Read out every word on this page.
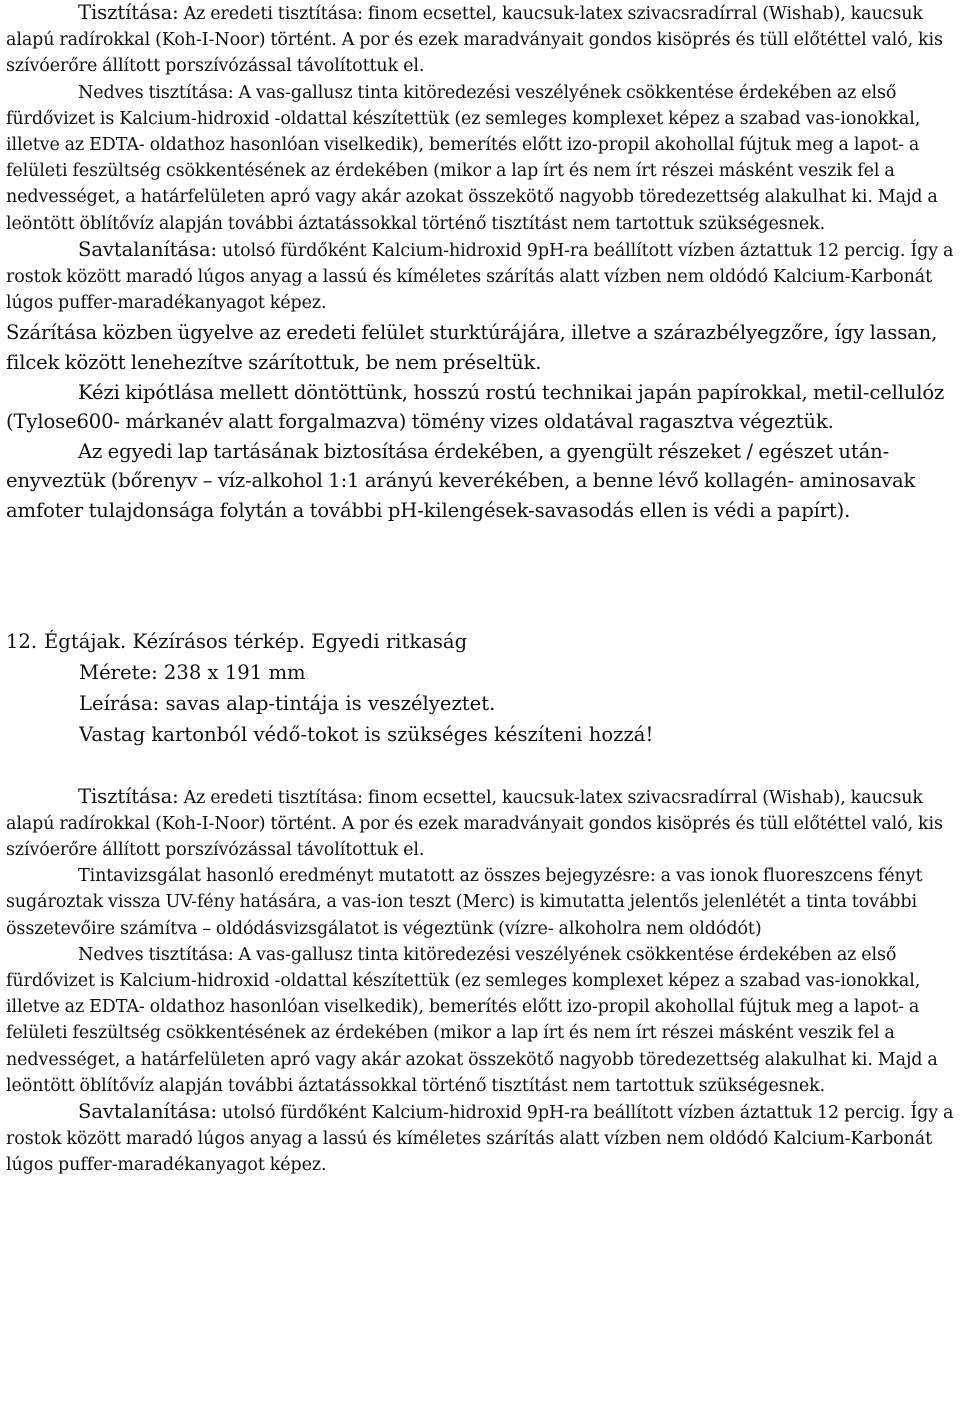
Tisztítása: Az eredeti tisztítása: finom ecsettel, kaucsuk-latex szivacsradírral (Wishab), kaucsuk alapú radírokkal (Koh-I-Noor) történt. A por és ezek maradványait gondos kisöprés és tüll előtéttel való, kis szívóerőre állított porszívózással távolítottuk el.

Nedves tisztítása: A vas-gallusz tinta kitöredezési veszélyének csökkentése érdekében az első fürdővizet is Kalcium-hidroxid -oldattal készítettük (ez semleges komplexet képez a szabad vas-ionokkal, illetve az EDTA- oldathoz hasonlóan viselkedik), bemerítés előtt izo-propil akohollal fújtuk meg a lapot- a felületi feszültség csökkentésének az érdekében (mikor a lap írt és nem írt részei másként veszik fel a nedvességet, a határfelületen apró vagy akár azokat összekötő nagyobb töredezettség alakulhat ki. Majd a leöntött öblítővíz alapján további áztatássokkal történő tisztítást nem tartottuk szükségesnek.

Savtalanítása: utolsó fürdőként Kalcium-hidroxid 9pH-ra beállított vízben áztattuk 12 percig. Így a rostok között maradó lúgos anyag a lassú és kíméletes szárítás alatt vízben nem oldódó Kalcium-Karbonát lúgos puffer-maradékanyagot képez.

Szárítása közben ügyelve az eredeti felület sturktúrájára, illetve a szárazbélyegzőre, így lassan, filcek között lenehezítve szárítottuk, be nem préseltük.

Kézi kipótlása mellett döntöttünk, hosszú rostú technikai japán papírokkal, metil-cellulóz (Tylose600- márkanév alatt forgalmazva) tömény vizes oldatával ragasztva végeztük.

Az egyedi lap tartásának biztosítása érdekében, a gyengült részeket / egészet után-enyveztük (bőrenyv – víz-alkohol 1:1 arányú keverékében, a benne lévő kollagén- aminosavak amfoter tulajdonsága folytán a további pH-kilengések-savasodás ellen is védi a papírt).

12. Égtájak. Kézírásos térkép. Egyedi ritkaság
Mérete: 238 x 191 mm
Leírása: savas alap-tintája is veszélyeztet.
Vastag kartonból védő-tokot is szükséges készíteni hozzá!

Tisztítása: Az eredeti tisztítása: finom ecsettel, kaucsuk-latex szivacsradírral (Wishab), kaucsuk alapú radírokkal (Koh-I-Noor) történt. A por és ezek maradványait gondos kisöprés és tüll előtéttel való, kis szívóerőre állított porszívózással távolítottuk el.

Tintavizsgálat hasonló eredményt mutatott az összes bejegyzésre: a vas ionok fluoreszcens fényt sugároztak vissza UV-fény hatására, a vas-ion teszt (Merc) is kimutatta jelentős jelenlétét a tinta további összetevőire számítva – oldódásvizsgálatot is végeztünk (vízre- alkoholra nem oldódót)

Nedves tisztítása: A vas-gallusz tinta kitöredezési veszélyének csökkentése érdekében az első fürdővizet is Kalcium-hidroxid -oldattal készítettük (ez semleges komplexet képez a szabad vas-ionokkal, illetve az EDTA- oldathoz hasonlóan viselkedik), bemerítés előtt izo-propil akohollal fújtuk meg a lapot- a felületi feszültség csökkentésének az érdekében (mikor a lap írt és nem írt részei másként veszik fel a nedvességet, a határfelületen apró vagy akár azokat összekötő nagyobb töredezettség alakulhat ki. Majd a leöntött öblítővíz alapján további áztatássokkal történő tisztítást nem tartottuk szükségesnek.

Savtalanítása: utolsó fürdőként Kalcium-hidroxid 9pH-ra beállított vízben áztattuk 12 percig. Így a rostok között maradó lúgos anyag a lassú és kíméletes szárítás alatt vízben nem oldódó Kalcium-Karbonát lúgos puffer-maradékanyagot képez.
